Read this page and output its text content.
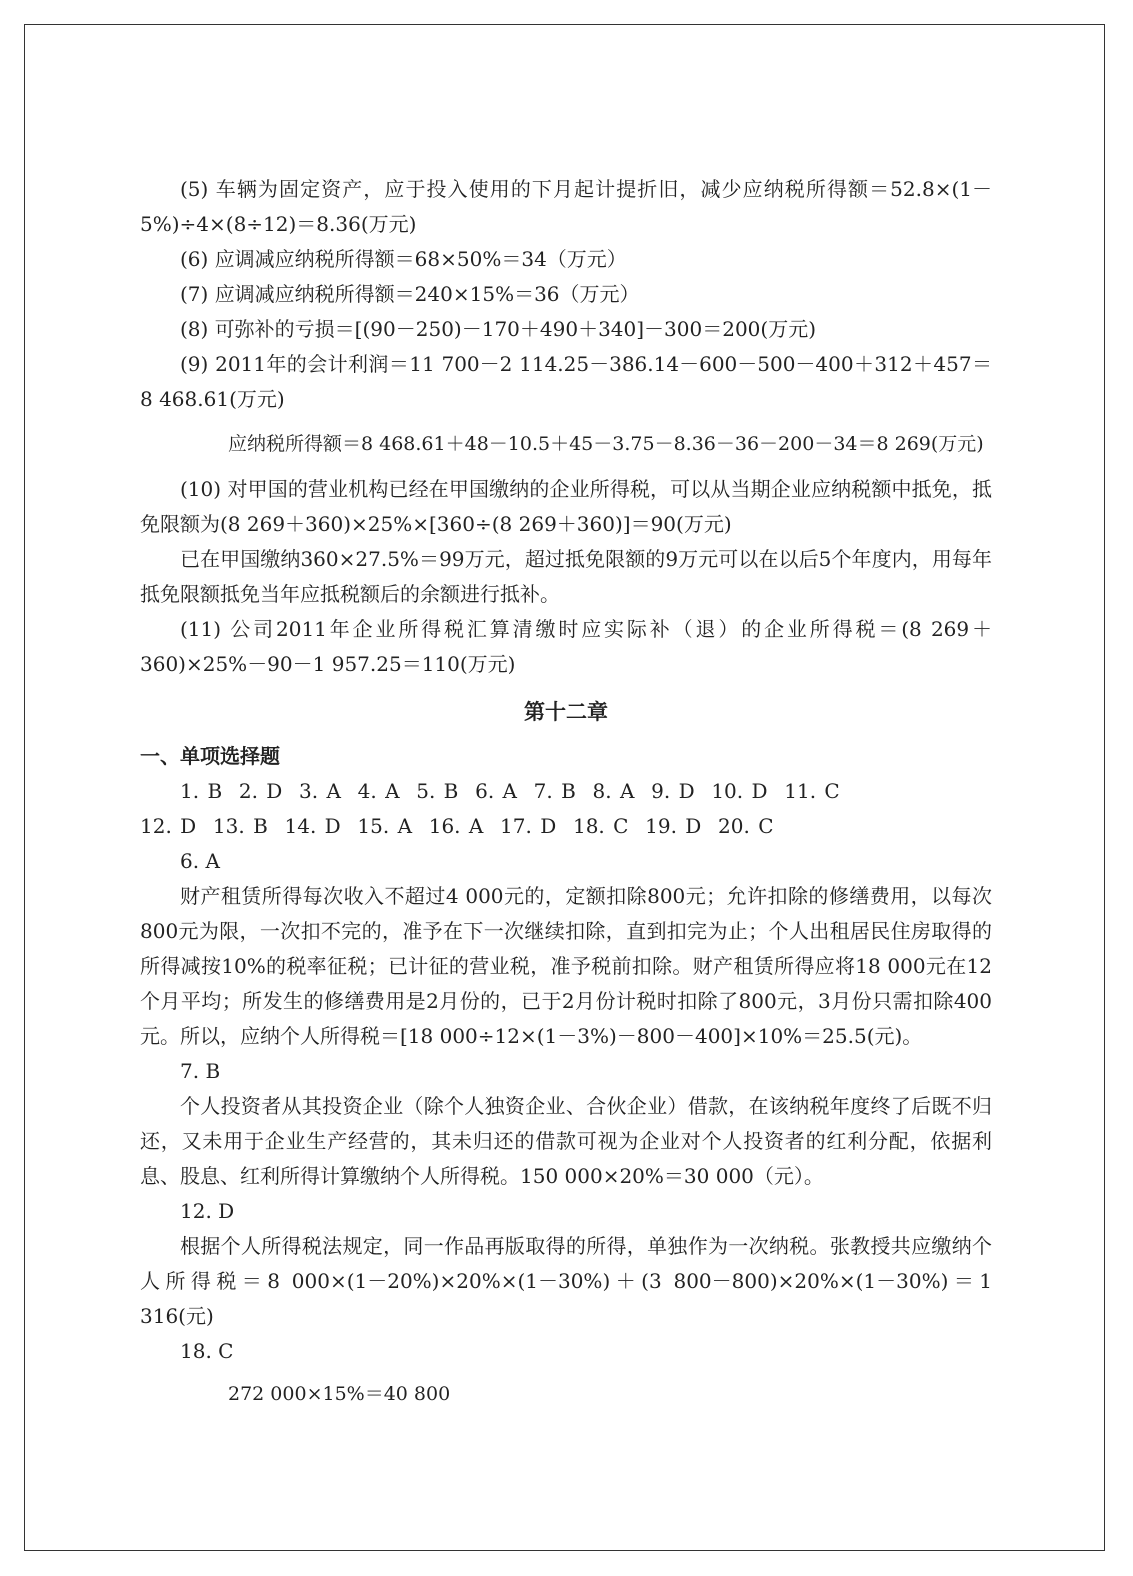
(5) 车辆为固定资产，应于投入使用的下月起计提折旧，减少应纳税所得额＝52.8×(1－5%)÷4×(8÷12)＝8.36(万元)

(6) 应调减应纳税所得额＝68×50%＝34（万元）

(7) 应调减应纳税所得额＝240×15%＝36（万元）

(8) 可弥补的亏损＝[(90－250)－170＋490＋340]－300＝200(万元)

(9) 2011年的会计利润＝11 700－2 114.25－386.14－600－500－400＋312＋457＝8 468.61(万元)

应纳税所得额＝8 468.61＋48－10.5＋45－3.75－8.36－36－200－34＝8 269(万元)

(10) 对甲国的营业机构已经在甲国缴纳的企业所得税，可以从当期企业应纳税额中抵免，抵免限额为(8 269＋360)×25%×[360÷(8 269＋360)]＝90(万元)

已在甲国缴纳360×27.5%＝99万元，超过抵免限额的9万元可以在以后5个年度内，用每年抵免限额抵免当年应抵税额后的余额进行抵补。

(11) 公司2011年企业所得税汇算清缴时应实际补（退）的企业所得税＝(8 269＋360)×25%－90－1 957.25＝110(万元)

第十二章

一、单项选择题

1. B  2. D  3. A  4. A  5. B  6. A  7. B  8. A  9. D  10. D  11. C

12. D  13. B  14. D  15. A  16. A  17. D  18. C  19. D  20. C

6. A

财产租赁所得每次收入不超过4 000元的，定额扣除800元；允许扣除的修缮费用，以每次800元为限，一次扣不完的，准予在下一次继续扣除，直到扣完为止；个人出租居民住房取得的所得减按10%的税率征税；已计征的营业税，准予税前扣除。财产租赁所得应将18 000元在12个月平均；所发生的修缮费用是2月份的，已于2月份计税时扣除了800元，3月份只需扣除400元。所以，应纳个人所得税＝[18 000÷12×(1－3%)－800－400]×10%＝25.5(元)。

7. B

个人投资者从其投资企业（除个人独资企业、合伙企业）借款，在该纳税年度终了后既不归还，又未用于企业生产经营的，其未归还的借款可视为企业对个人投资者的红利分配，依据利息、股息、红利所得计算缴纳个人所得税。150 000×20%＝30 000（元）。

12. D

根据个人所得税法规定，同一作品再版取得的所得，单独作为一次纳税。张教授共应缴纳个人所得税＝8 000×(1－20%)×20%×(1－30%)＋(3 800－800)×20%×(1－30%)＝1 316(元)

18. C

272 000×15%＝40 800
